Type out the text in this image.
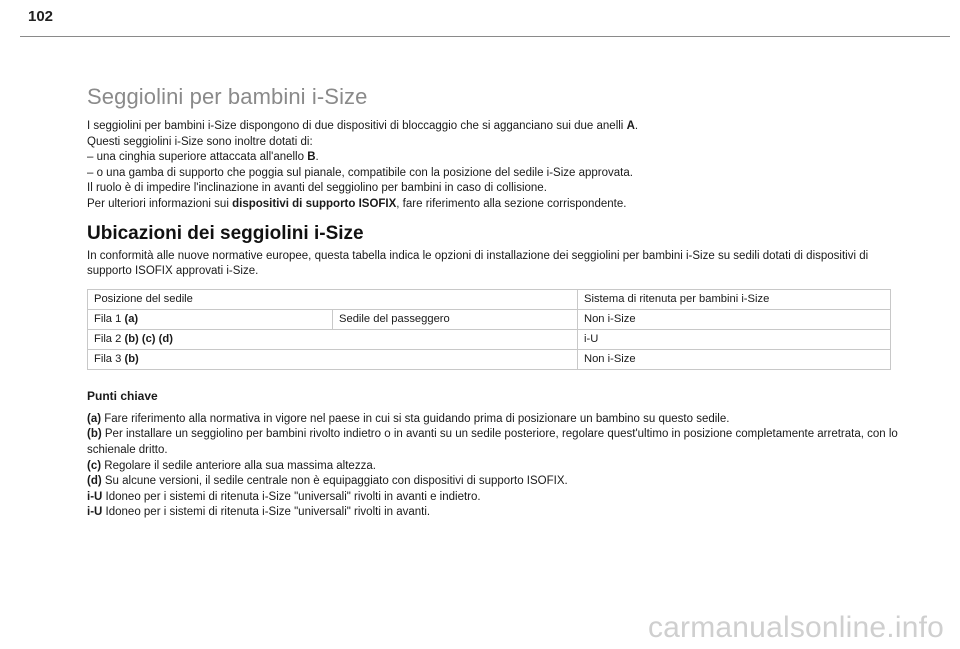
102
Seggiolini per bambini i-Size

I seggiolini per bambini i-Size dispongono di due dispositivi di bloccaggio che si agganciano sui due anelli A.

Questi seggiolini i-Size sono inoltre dotati di:

– una cinghia superiore attaccata all'anello B.

– o una gamba di supporto che poggia sul pianale, compatibile con la posizione del sedile i-Size approvata.

Il ruolo è di impedire l'inclinazione in avanti del seggiolino per bambini in caso di collisione.

Per ulteriori informazioni sui dispositivi di supporto ISOFIX, fare riferimento alla sezione corrispondente.

Ubicazioni dei seggiolini i-Size

In conformità alle nuove normative europee, questa tabella indica le opzioni di installazione dei seggiolini per bambini i-Size su sedili dotati di dispositivi di supporto ISOFIX approvati i-Size.

Posizione del sedile		Sistema di ritenuta per bambini i-Size
Fila 1 (a)	Sedile del passeggero	Non i-Size
Fila 2 (b) (c) (d)		i-U
Fila 3 (b)		Non i-Size
Punti chiave

(a) Fare riferimento alla normativa in vigore nel paese in cui si sta guidando prima di posizionare un bambino su questo sedile.

(b) Per installare un seggiolino per bambini rivolto indietro o in avanti su un sedile posteriore, regolare quest'ultimo in posizione completamente arretrata, con lo schienale dritto.

(c) Regolare il sedile anteriore alla sua massima altezza.

(d) Su alcune versioni, il sedile centrale non è equipaggiato con dispositivi di supporto ISOFIX.

i-U Idoneo per i sistemi di ritenuta i-Size "universali" rivolti in avanti e indietro.

i-U Idoneo per i sistemi di ritenuta i-Size "universali" rivolti in avanti.

carmanualsonline.info
